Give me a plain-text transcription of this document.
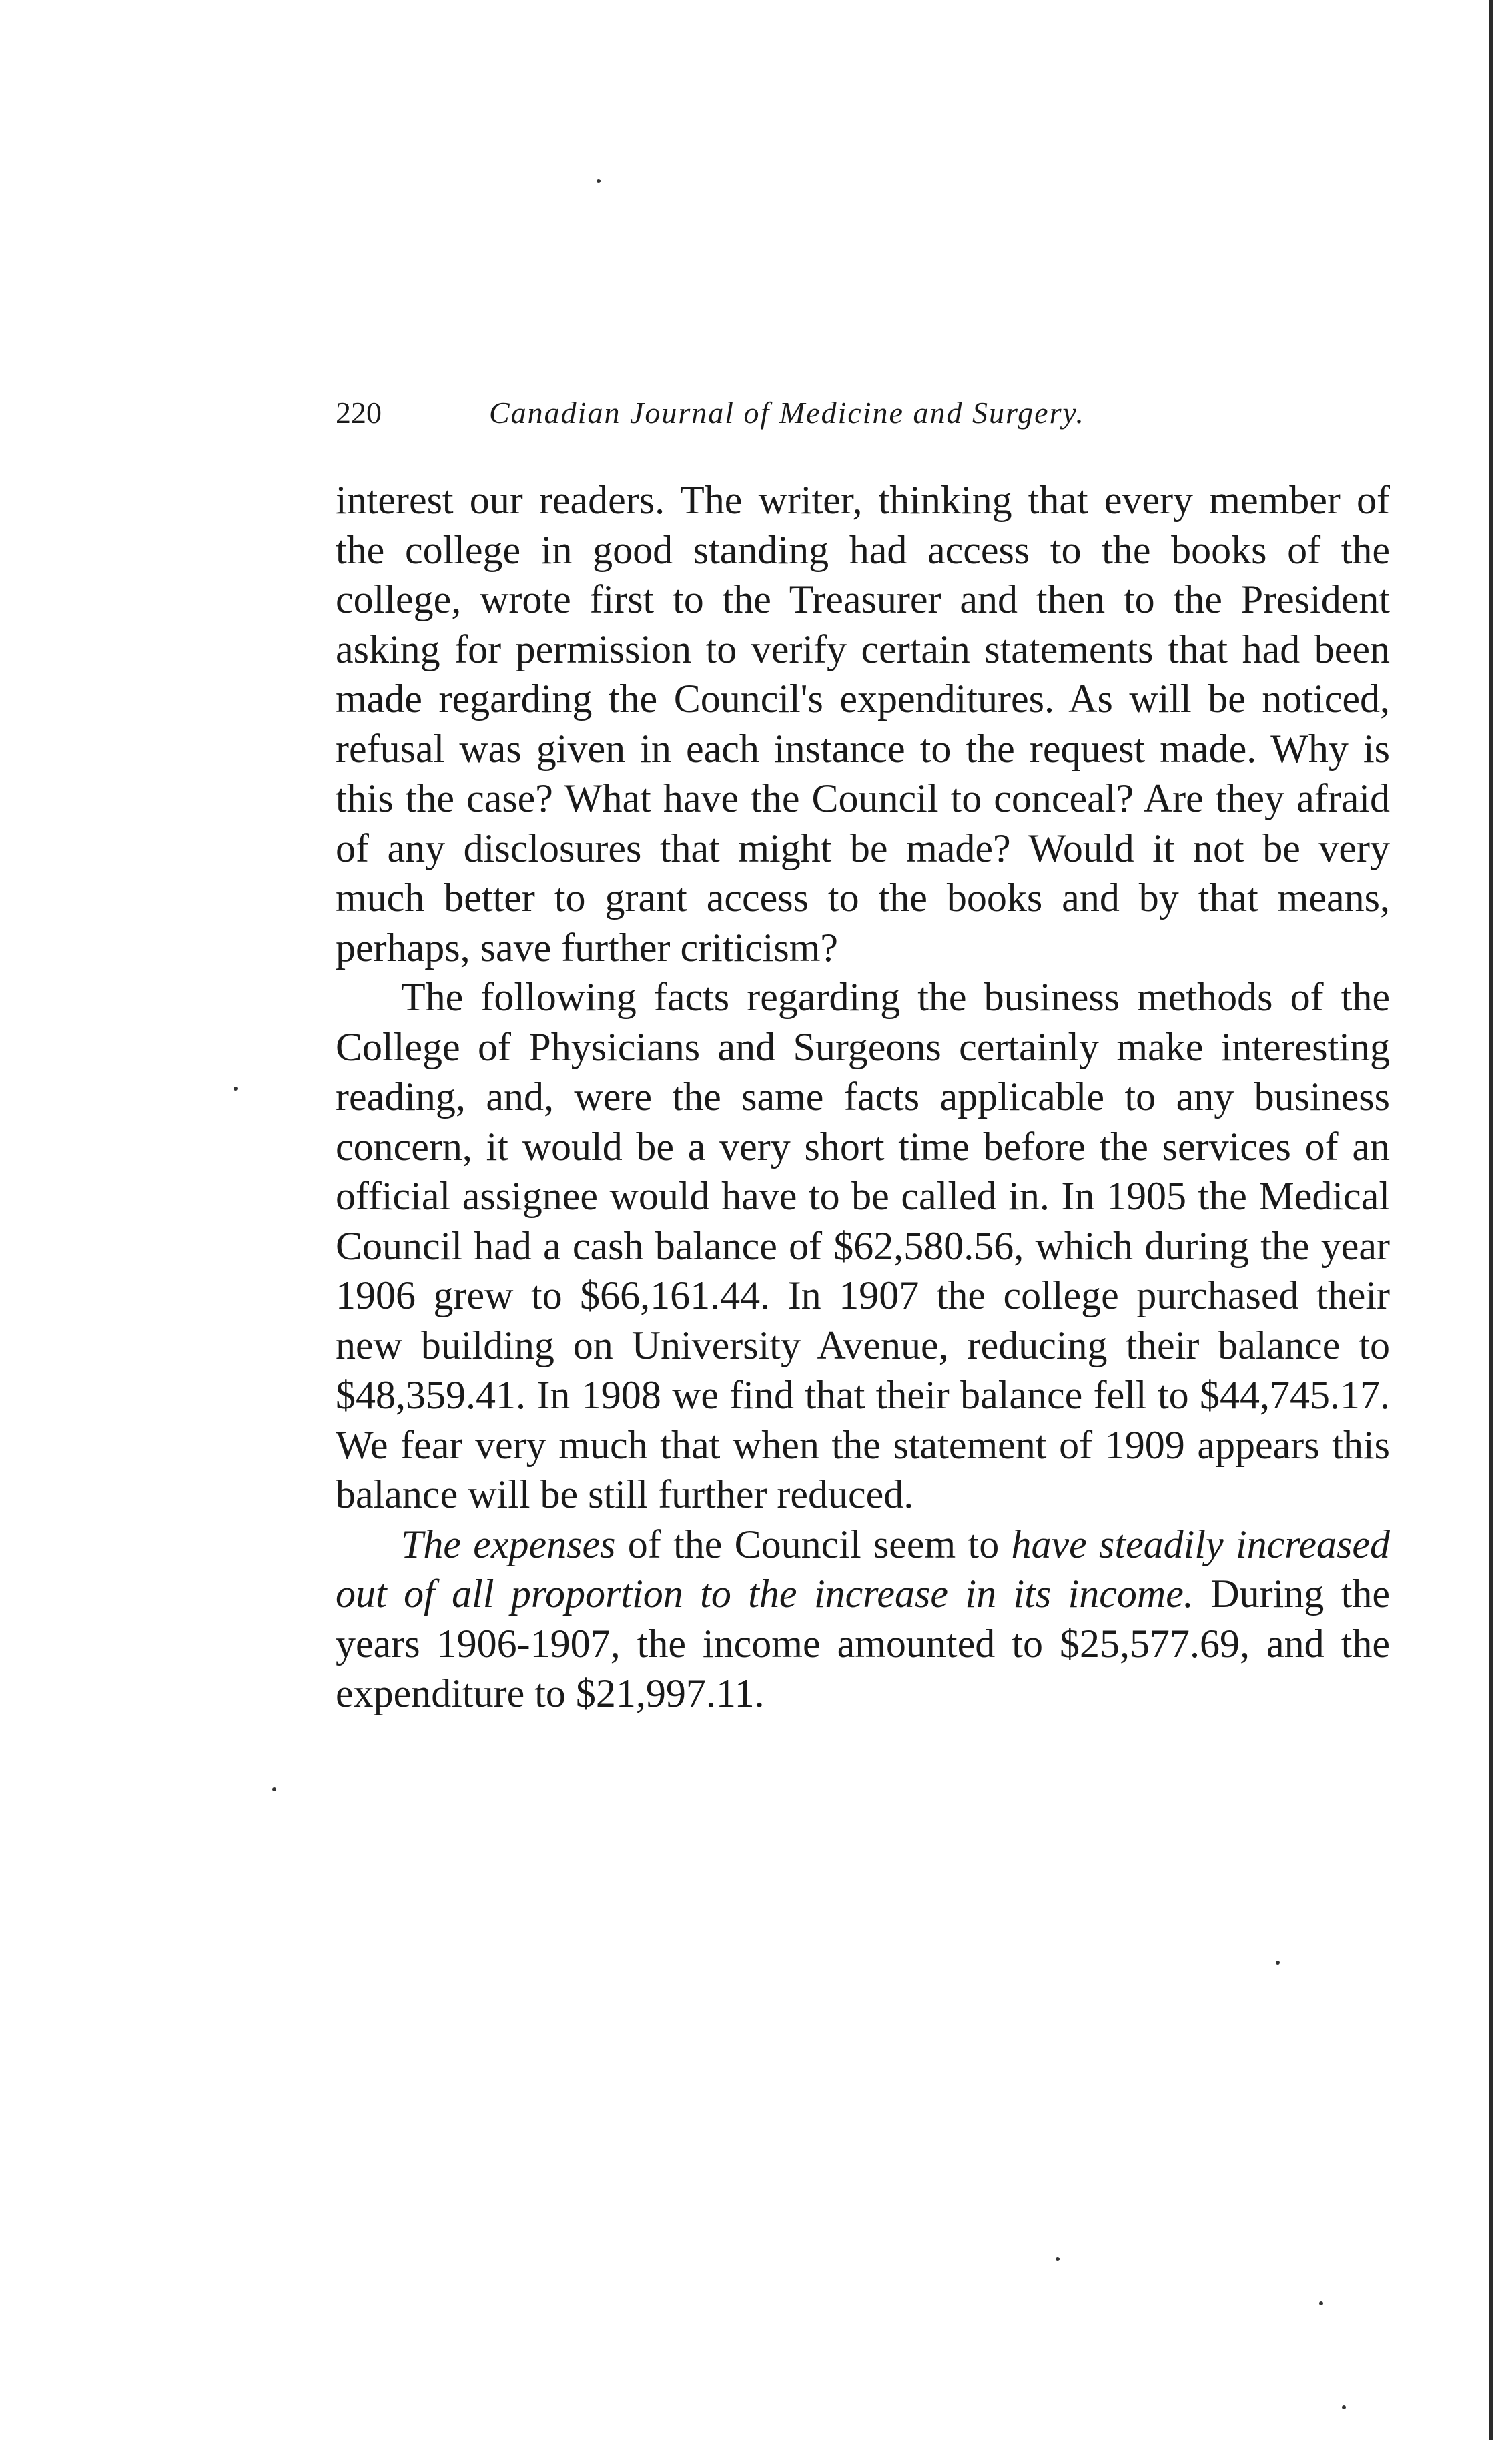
220	Canadian Journal of Medicine and Surgery.

interest our readers. The writer, thinking that every member of the college in good standing had access to the books of the college, wrote first to the Treasurer and then to the President asking for permission to verify certain statements that had been made regarding the Council's expenditures. As will be noticed, refusal was given in each instance to the request made. Why is this the case? What have the Council to conceal? Are they afraid of any disclosures that might be made? Would it not be very much better to grant access to the books and by that means, perhaps, save further criticism?

The following facts regarding the business methods of the College of Physicians and Surgeons certainly make interesting reading, and, were the same facts applicable to any business concern, it would be a very short time before the services of an official assignee would have to be called in. In 1905 the Medical Council had a cash balance of $62,580.56, which during the year 1906 grew to $66,161.44. In 1907 the college purchased their new building on University Avenue, reducing their balance to $48,359.41. In 1908 we find that their balance fell to $44,745.17. We fear very much that when the statement of 1909 appears this balance will be still further reduced.

The expenses of the Council seem to have steadily increased out of all proportion to the increase in its income. During the years 1906-1907, the income amounted to $25,577.69, and the expenditure to $21,997.11.
